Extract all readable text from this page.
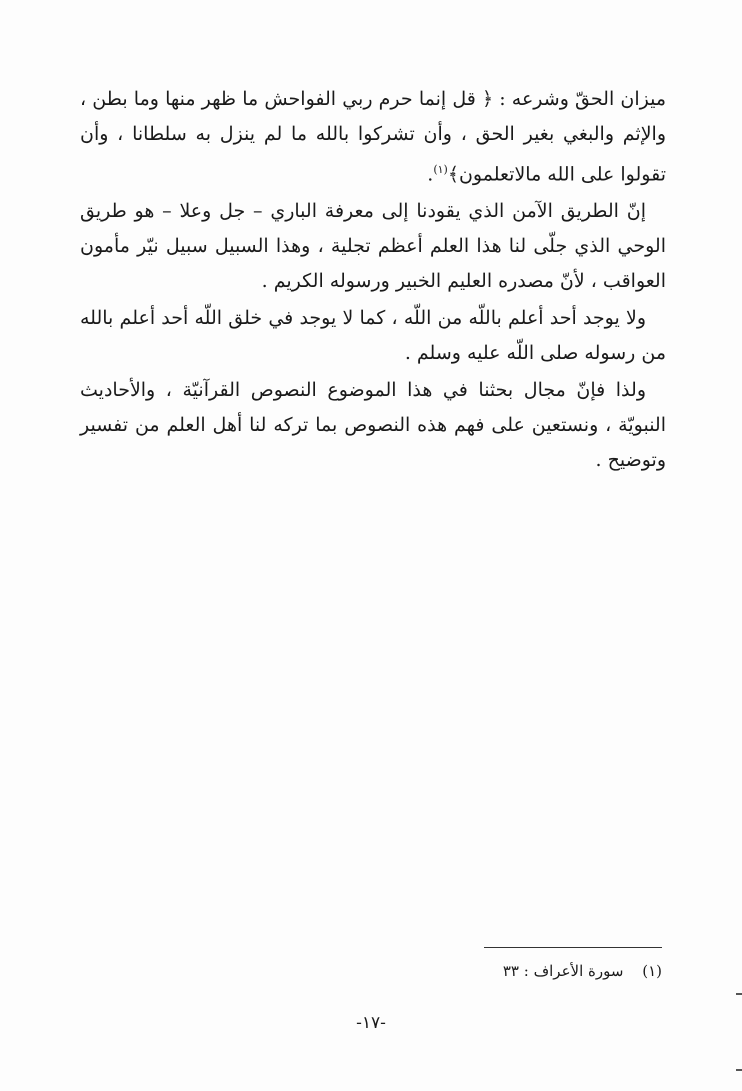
ميزان الحقّ وشرعه : ﴿ قل إنما حرم ربي الفواحش ما ظهر منها وما بطن ، والإثم والبغي بغير الحق ، وأن تشركوا بالله ما لم ينزل به سلطانا ، وأن تقولوا على الله مالاتعلمون﴾$^{(١)}$.

إنّ الطريق الآمن الذي يقودنا إلى معرفة الباري – جل وعلا – هو طريق الوحي الذي جلّى لنا هذا العلم أعظم تجلية ، وهذا السبيل سبيل نيّر مأمون العواقب ، لأنّ مصدره العليم الخبير ورسوله الكريم .

ولا يوجد أحد أعلم باللّه من اللّه ، كما لا يوجد في خلق اللّه أحد أعلم بالله من رسوله صلى اللّه عليه وسلم .

ولذا فإنّ مجال بحثنا في هذا الموضوع النصوص القرآنيّة ، والأحاديث النبويّة ، ونستعين على فهم هذه النصوص بما تركه لنا أهل العلم من تفسير وتوضيح .

(١) سورة الأعراف : ٣٣
-١٧-
